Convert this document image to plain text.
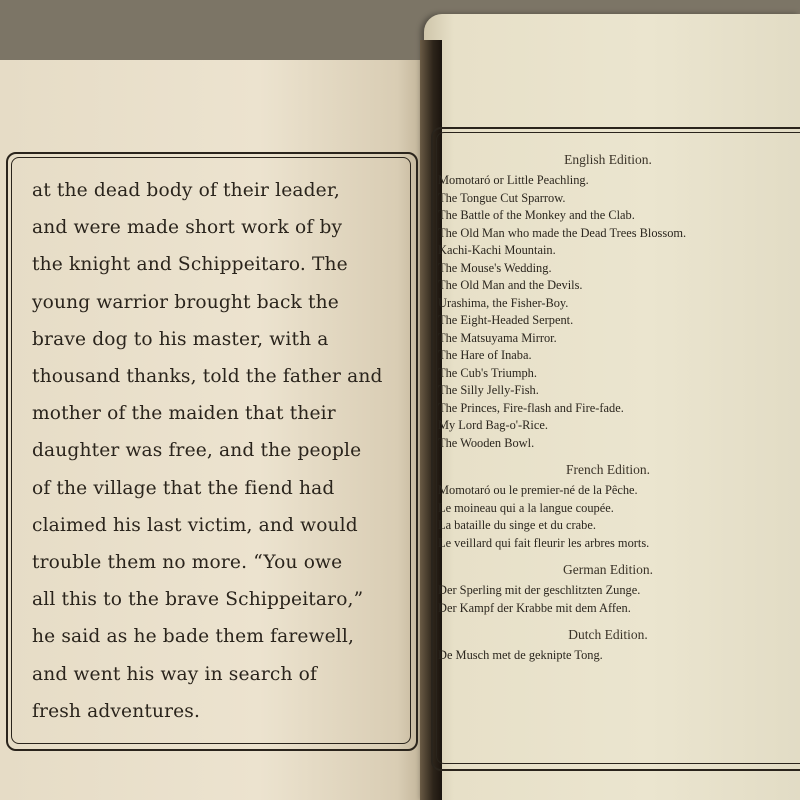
at the dead body of their leader,
and were made short work of by
the knight and Schippeitaro. The
young warrior brought back the
brave dog to his master, with a
thousand thanks, told the father and
mother of the maiden that their
daughter was free, and the people
of the village that the fiend had
claimed his last victim, and would
trouble them no more. “You owe
all this to the brave Schippeitaro,”
he said as he bade them farewell,
and went his way in search of
fresh adventures.
English Edition.
Momotaró or Little Peachling.
The Tongue Cut Sparrow.
The Battle of the Monkey and the Clab.
The Old Man who made the Dead Trees Blossom.
Kachi-Kachi Mountain.
The Mouse's Wedding.
The Old Man and the Devils.
Urashima, the Fisher-Boy.
The Eight-Headed Serpent.
The Matsuyama Mirror.
The Hare of Inaba.
The Cub's Triumph.
The Silly Jelly-Fish.
The Princes, Fire-flash and Fire-fade.
My Lord Bag-o'-Rice.
The Wooden Bowl.
French Edition.
Momotaró ou le premier-né de la Pêche.
Le moineau qui a la langue coupée.
La bataille du singe et du crabe.
Le veillard qui fait fleurir les arbres morts.
German Edition.
Der Sperling mit der geschlitzten Zunge.
Der Kampf der Krabbe mit dem Affen.
Dutch Edition.
De Musch met de geknipte Tong.
